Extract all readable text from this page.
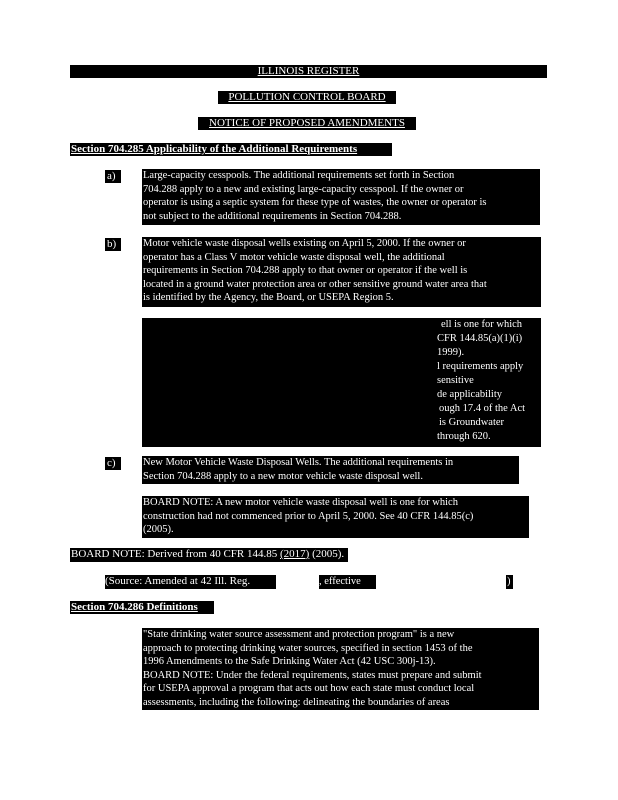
ILLINOIS REGISTER
POLLUTION CONTROL BOARD
NOTICE OF PROPOSED AMENDMENTS
Section 704.285 Applicability of the Additional Requirements
a)	Large-capacity cesspools. The additional requirements set forth in Section
704.288 apply to a new and existing large-capacity cesspool. If the owner or
operator is using a septic system for these type of wastes, the owner or operator is
not subject to the additional requirements in Section 704.288.
b)	Motor vehicle waste disposal wells existing on April 5, 2000. If the owner or
operator has a Class V motor vehicle waste disposal well, the additional
requirements in Section 704.288 apply to that owner or operator if the well is
located in a ground water protection area or other sensitive ground water area that
is identified by the Agency, the Board, or USEPA Region 5.
ell is one for which
CFR 144.85(a)(1)(i)
1999).
l requirements apply
sensitive
de applicability
ough 17.4 of the Act
is Groundwater
through 620.
c)	New Motor Vehicle Waste Disposal Wells. The additional requirements in
Section 704.288 apply to a new motor vehicle waste disposal well.
BOARD NOTE: A new motor vehicle waste disposal well is one for which
construction had not commenced prior to April 5, 2000. See 40 CFR 144.85(c)
(2005).
BOARD NOTE: Derived from 40 CFR 144.85 (2017) (2005).
(Source: Amended at 42 Ill. Reg.	, effective	)
Section 704.286 Definitions
"State drinking water source assessment and protection program" is a new
approach to protecting drinking water sources, specified in section 1453 of the
1996 Amendments to the Safe Drinking Water Act (42 USC 300j-13).
BOARD NOTE: Under the federal requirements, states must prepare and submit
for USEPA approval a program that acts out how each state must conduct local
assessments, including the following: delineating the boundaries of areas
